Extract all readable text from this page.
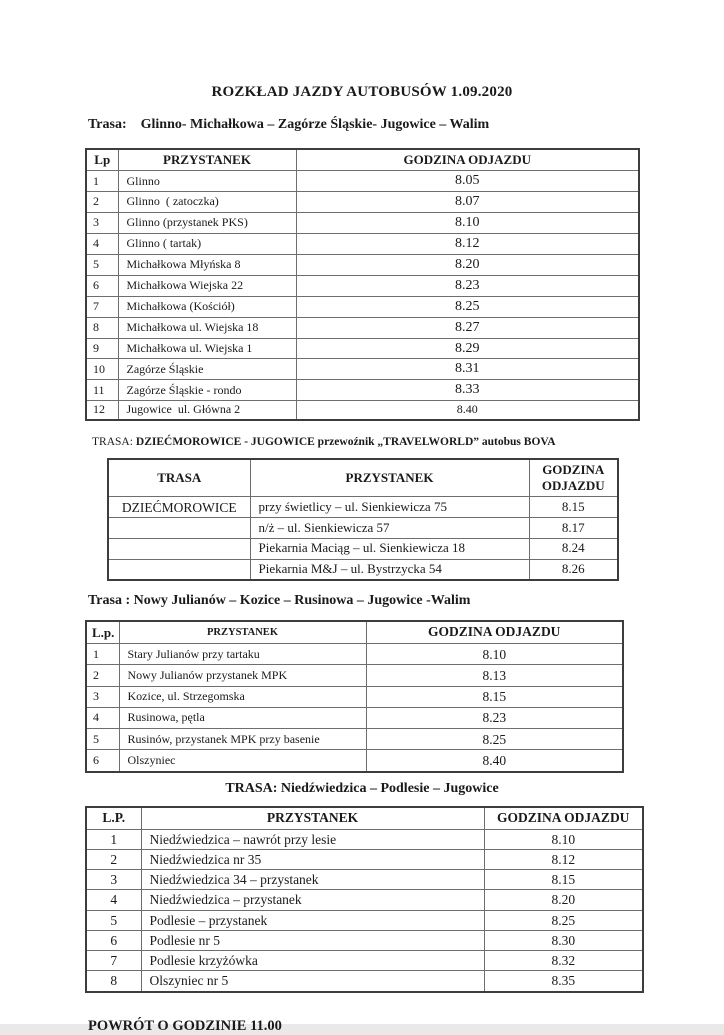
ROZKŁAD JAZDY AUTOBUSÓW 1.09.2020
Trasa: Glinno- Michałkowa – Zagórze Śląskie- Jugowice – Walim
Lp	PRZYSTANEK	GODZINA ODJAZDU
1	Glinno	8.05
2	Glinno  ( zatoczka)	8.07
3	Glinno (przystanek PKS)	8.10
4	Glinno ( tartak)	8.12
5	Michałkowa Młyńska 8	8.20
6	Michałkowa Wiejska 22	8.23
7	Michałkowa (Kościół)	8.25
8	Michałkowa ul. Wiejska 18	8.27
9	Michałkowa ul. Wiejska 1	8.29
10	Zagórze Śląskie	8.31
11	Zagórze Śląskie - rondo	8.33
12	Jugowice  ul. Główna 2	8.40
TRASA: DZIEĆMOROWICE - JUGOWICE przewoźnik „TRAVELWORLD” autobus BOVA
TRASA	PRZYSTANEK	GODZINA ODJAZDU
DZIEĆMOROWICE	przy świetlicy – ul. Sienkiewicza 75	8.15
	n/ż – ul. Sienkiewicza 57	8.17
	Piekarnia Maciąg – ul. Sienkiewicza 18	8.24
	Piekarnia M&J – ul. Bystrzycka 54	8.26
Trasa : Nowy Julianów – Kozice – Rusinowa – Jugowice -Walim
L.p.	PRZYSTANEK	GODZINA ODJAZDU
1	Stary Julianów przy tartaku	8.10
2	Nowy Julianów przystanek MPK	8.13
3	Kozice, ul. Strzegomska	8.15
4	Rusinowa, pętla	8.23
5	Rusinów, przystanek MPK przy basenie	8.25
6	Olszyniec	8.40
TRASA: Niedźwiedzica – Podlesie – Jugowice
L.P.	PRZYSTANEK	GODZINA ODJAZDU
1	Niedźwiedzica – nawrót przy lesie	8.10
2	Niedźwiedzica nr 35	8.12
3	Niedźwiedzica 34 – przystanek	8.15
4	Niedźwiedzica – przystanek	8.20
5	Podlesie – przystanek	8.25
6	Podlesie nr 5	8.30
7	Podlesie krzyżówka	8.32
8	Olszyniec nr 5	8.35
POWRÓT O GODZINIE 11.00
